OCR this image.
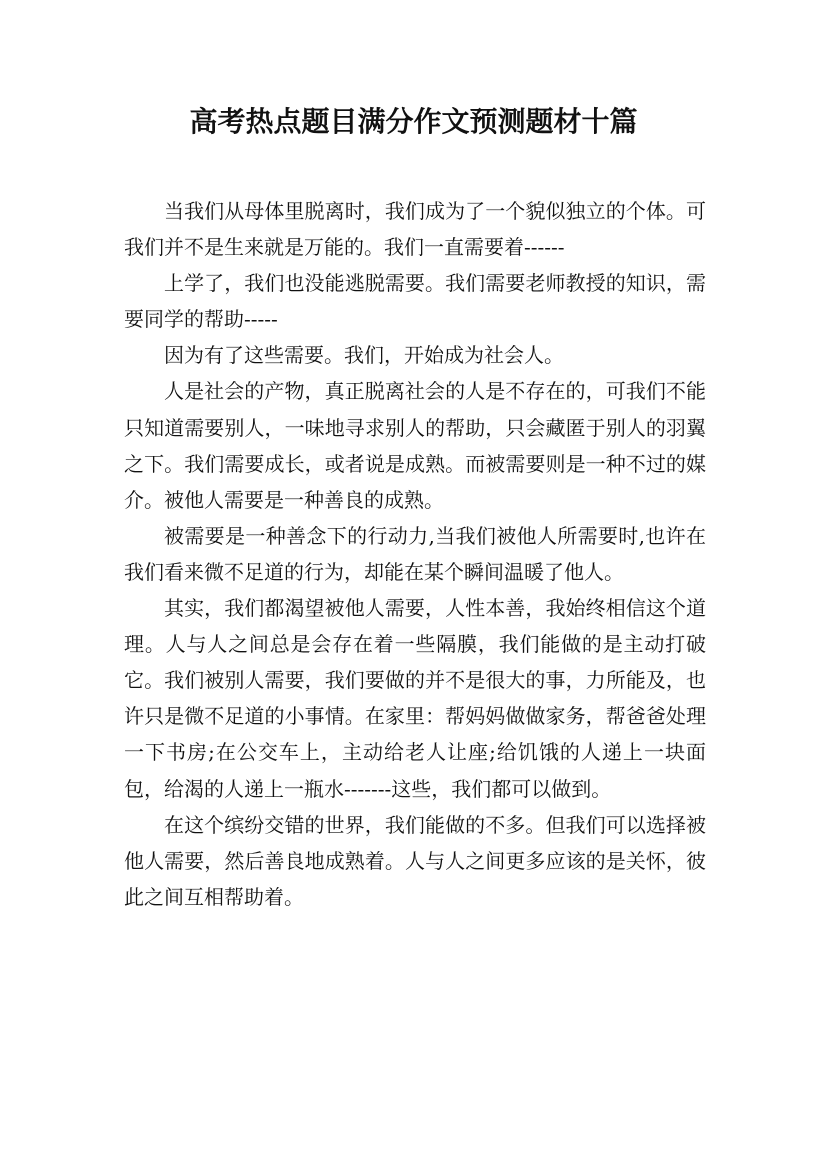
高考热点题目满分作文预测题材十篇

当我们从母体里脱离时，我们成为了一个貌似独立的个体。可我们并不是生来就是万能的。我们一直需要着------

上学了，我们也没能逃脱需要。我们需要老师教授的知识，需要同学的帮助-----

因为有了这些需要。我们，开始成为社会人。

人是社会的产物，真正脱离社会的人是不存在的，可我们不能只知道需要别人，一味地寻求别人的帮助，只会藏匿于别人的羽翼之下。我们需要成长，或者说是成熟。而被需要则是一种不过的媒介。被他人需要是一种善良的成熟。

被需要是一种善念下的行动力,当我们被他人所需要时,也许在我们看来微不足道的行为，却能在某个瞬间温暖了他人。

其实，我们都渴望被他人需要，人性本善，我始终相信这个道理。人与人之间总是会存在着一些隔膜，我们能做的是主动打破它。我们被别人需要，我们要做的并不是很大的事，力所能及，也许只是微不足道的小事情。在家里：帮妈妈做做家务，帮爸爸处理一下书房;在公交车上，主动给老人让座;给饥饿的人递上一块面包，给渴的人递上一瓶水-------这些，我们都可以做到。

在这个缤纷交错的世界，我们能做的不多。但我们可以选择被他人需要，然后善良地成熟着。人与人之间更多应该的是关怀，彼此之间互相帮助着。
